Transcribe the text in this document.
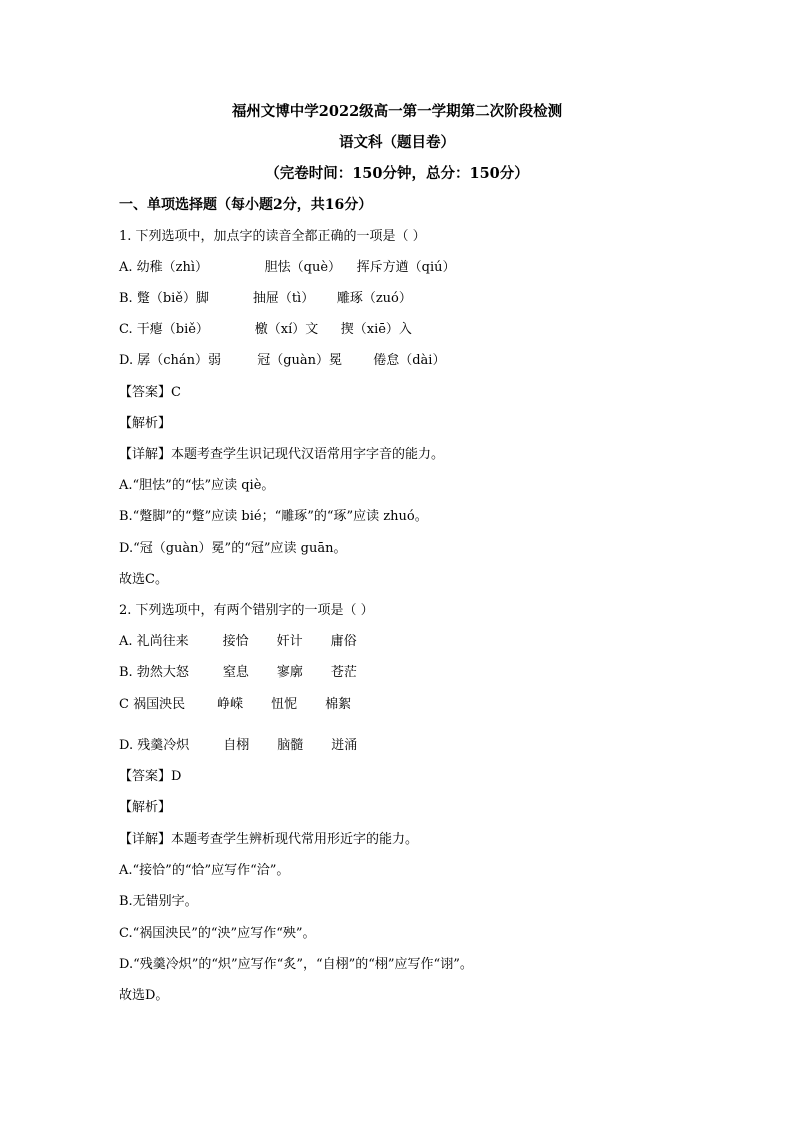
福州文博中学2022级高一第一学期第二次阶段检测
语文科（题目卷）
（完卷时间：150分钟，总分：150分）
一、单项选择题（每小题2分，共16分）
1. 下列选项中，加点字的读音全都正确的一项是（ ）
A. 幼稚（zhì）	胆怯（què） 挥斥方遒（qiú）
B. 蹩（biě）脚	抽屉（tì） 雕琢（zuó）
C. 干瘪（biě）	檄（xí）文 揳（xiē）入
D. 孱（chán）弱	冠（guàn）冕 倦怠（dài）
【答案】C
【解析】
【详解】本题考查学生识记现代汉语常用字字音的能力。
A.“胆怯”的“怯”应读 qiè。
B.“蹩脚”的“蹩”应读 bié；“雕琢”的“琢”应读 zhuó。
D.“冠（guàn）冕”的“冠”应读 guān。
故选C。
2. 下列选项中，有两个错别字的一项是（ ）
A. 礼尚往来	接恰 奸计 庸俗
B. 勃然大怒	窒息 寥廓 苍茫
C 祸国泱民 峥嵘 忸怩 棉絮
D. 残羹冷炽	自栩 脑髓 迸涌
【答案】D
【解析】
【详解】本题考查学生辨析现代常用形近字的能力。
A.“接恰”的“恰”应写作“洽”。
B.无错别字。
C.“祸国泱民”的“泱”应写作“殃”。
D.“残羹冷炽”的“炽”应写作“炙”，“自栩”的“栩”应写作“诩”。
故选D。
